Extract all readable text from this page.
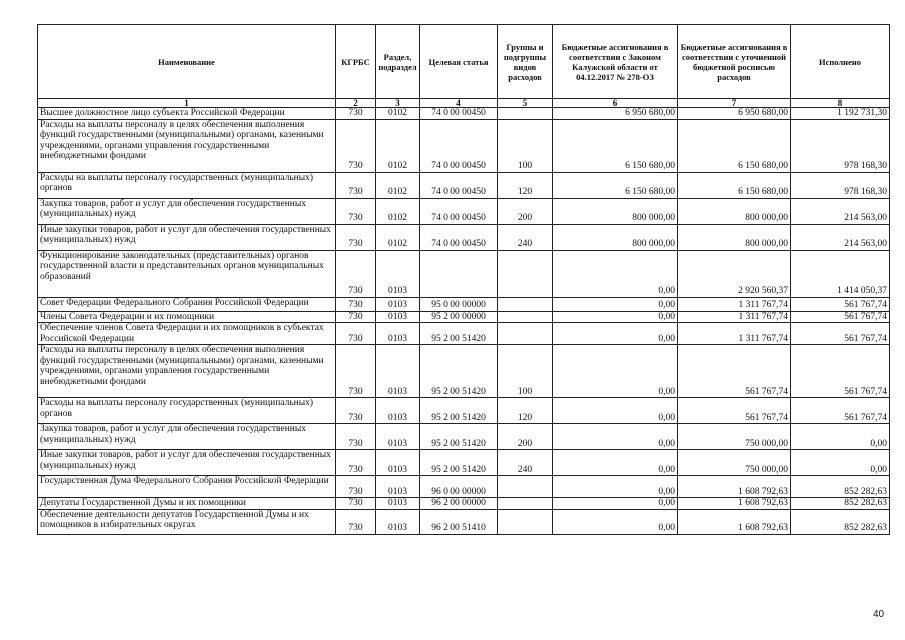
Наименование	КГРБС	Раздел, подраздел	Целевая статья	Группы и подгруппы видов расходов	Бюджетные ассигнования в соответствии с Законом Калужской области от 04.12.2017 № 278-ОЗ	Бюджетные ассигнования в соответствии с уточненной бюджетной росписью расходов	Исполнено
1	2	3	4	5	6	7	8
Высшее должностное лицо субъекта Российской Федерации	730	0102	74 0 00 00450		6 950 680,00	6 950 680,00	1 192 731,30
Расходы на выплаты персоналу в целях обеспечения выполнения функций государственными (муниципальными) органами, казенными учреждениями, органами управления государственными внебюджетными фондами	730	0102	74 0 00 00450	100	6 150 680,00	6 150 680,00	978 168,30
Расходы на выплаты персоналу государственных (муниципальных) органов	730	0102	74 0 00 00450	120	6 150 680,00	6 150 680,00	978 168,30
Закупка товаров, работ и услуг для обеспечения государственных (муниципальных) нужд	730	0102	74 0 00 00450	200	800 000,00	800 000,00	214 563,00
Иные закупки товаров, работ и услуг для обеспечения государственных (муниципальных) нужд	730	0102	74 0 00 00450	240	800 000,00	800 000,00	214 563,00
Функционирование законодательных (представительных) органов государственной власти и представительных органов муниципальных образований	730	0103			0,00	2 920 560,37	1 414 050,37
Совет Федерации Федерального Собрания Российской Федерации	730	0103	95 0 00 00000		0,00	1 311 767,74	561 767,74
Члены Совета Федерации и их помощники	730	0103	95 2 00 00000		0,00	1 311 767,74	561 767,74
Обеспечение членов Совета Федерации и их помощников в субъектах Российской Федерации	730	0103	95 2 00 51420		0,00	1 311 767,74	561 767,74
Расходы на выплаты персоналу в целях обеспечения выполнения функций государственными (муниципальными) органами, казенными учреждениями, органами управления государственными внебюджетными фондами	730	0103	95 2 00 51420	100	0,00	561 767,74	561 767,74
Расходы на выплаты персоналу государственных (муниципальных) органов	730	0103	95 2 00 51420	120	0,00	561 767,74	561 767,74
Закупка товаров, работ и услуг для обеспечения государственных (муниципальных) нужд	730	0103	95 2 00 51420	200	0,00	750 000,00	0,00
Иные закупки товаров, работ и услуг для обеспечения государственных (муниципальных) нужд	730	0103	95 2 00 51420	240	0,00	750 000,00	0,00
Государственная Дума Федерального Собрания Российской Федерации	730	0103	96 0 00 00000		0,00	1 608 792,63	852 282,63
Депутаты Государственной Думы и их помощники	730	0103	96 2 00 00000		0,00	1 608 792,63	852 282,63
Обеспечение деятельности депутатов Государственной Думы и их помощников в избирательных округах	730	0103	96 2 00 51410		0,00	1 608 792,63	852 282,63
40
